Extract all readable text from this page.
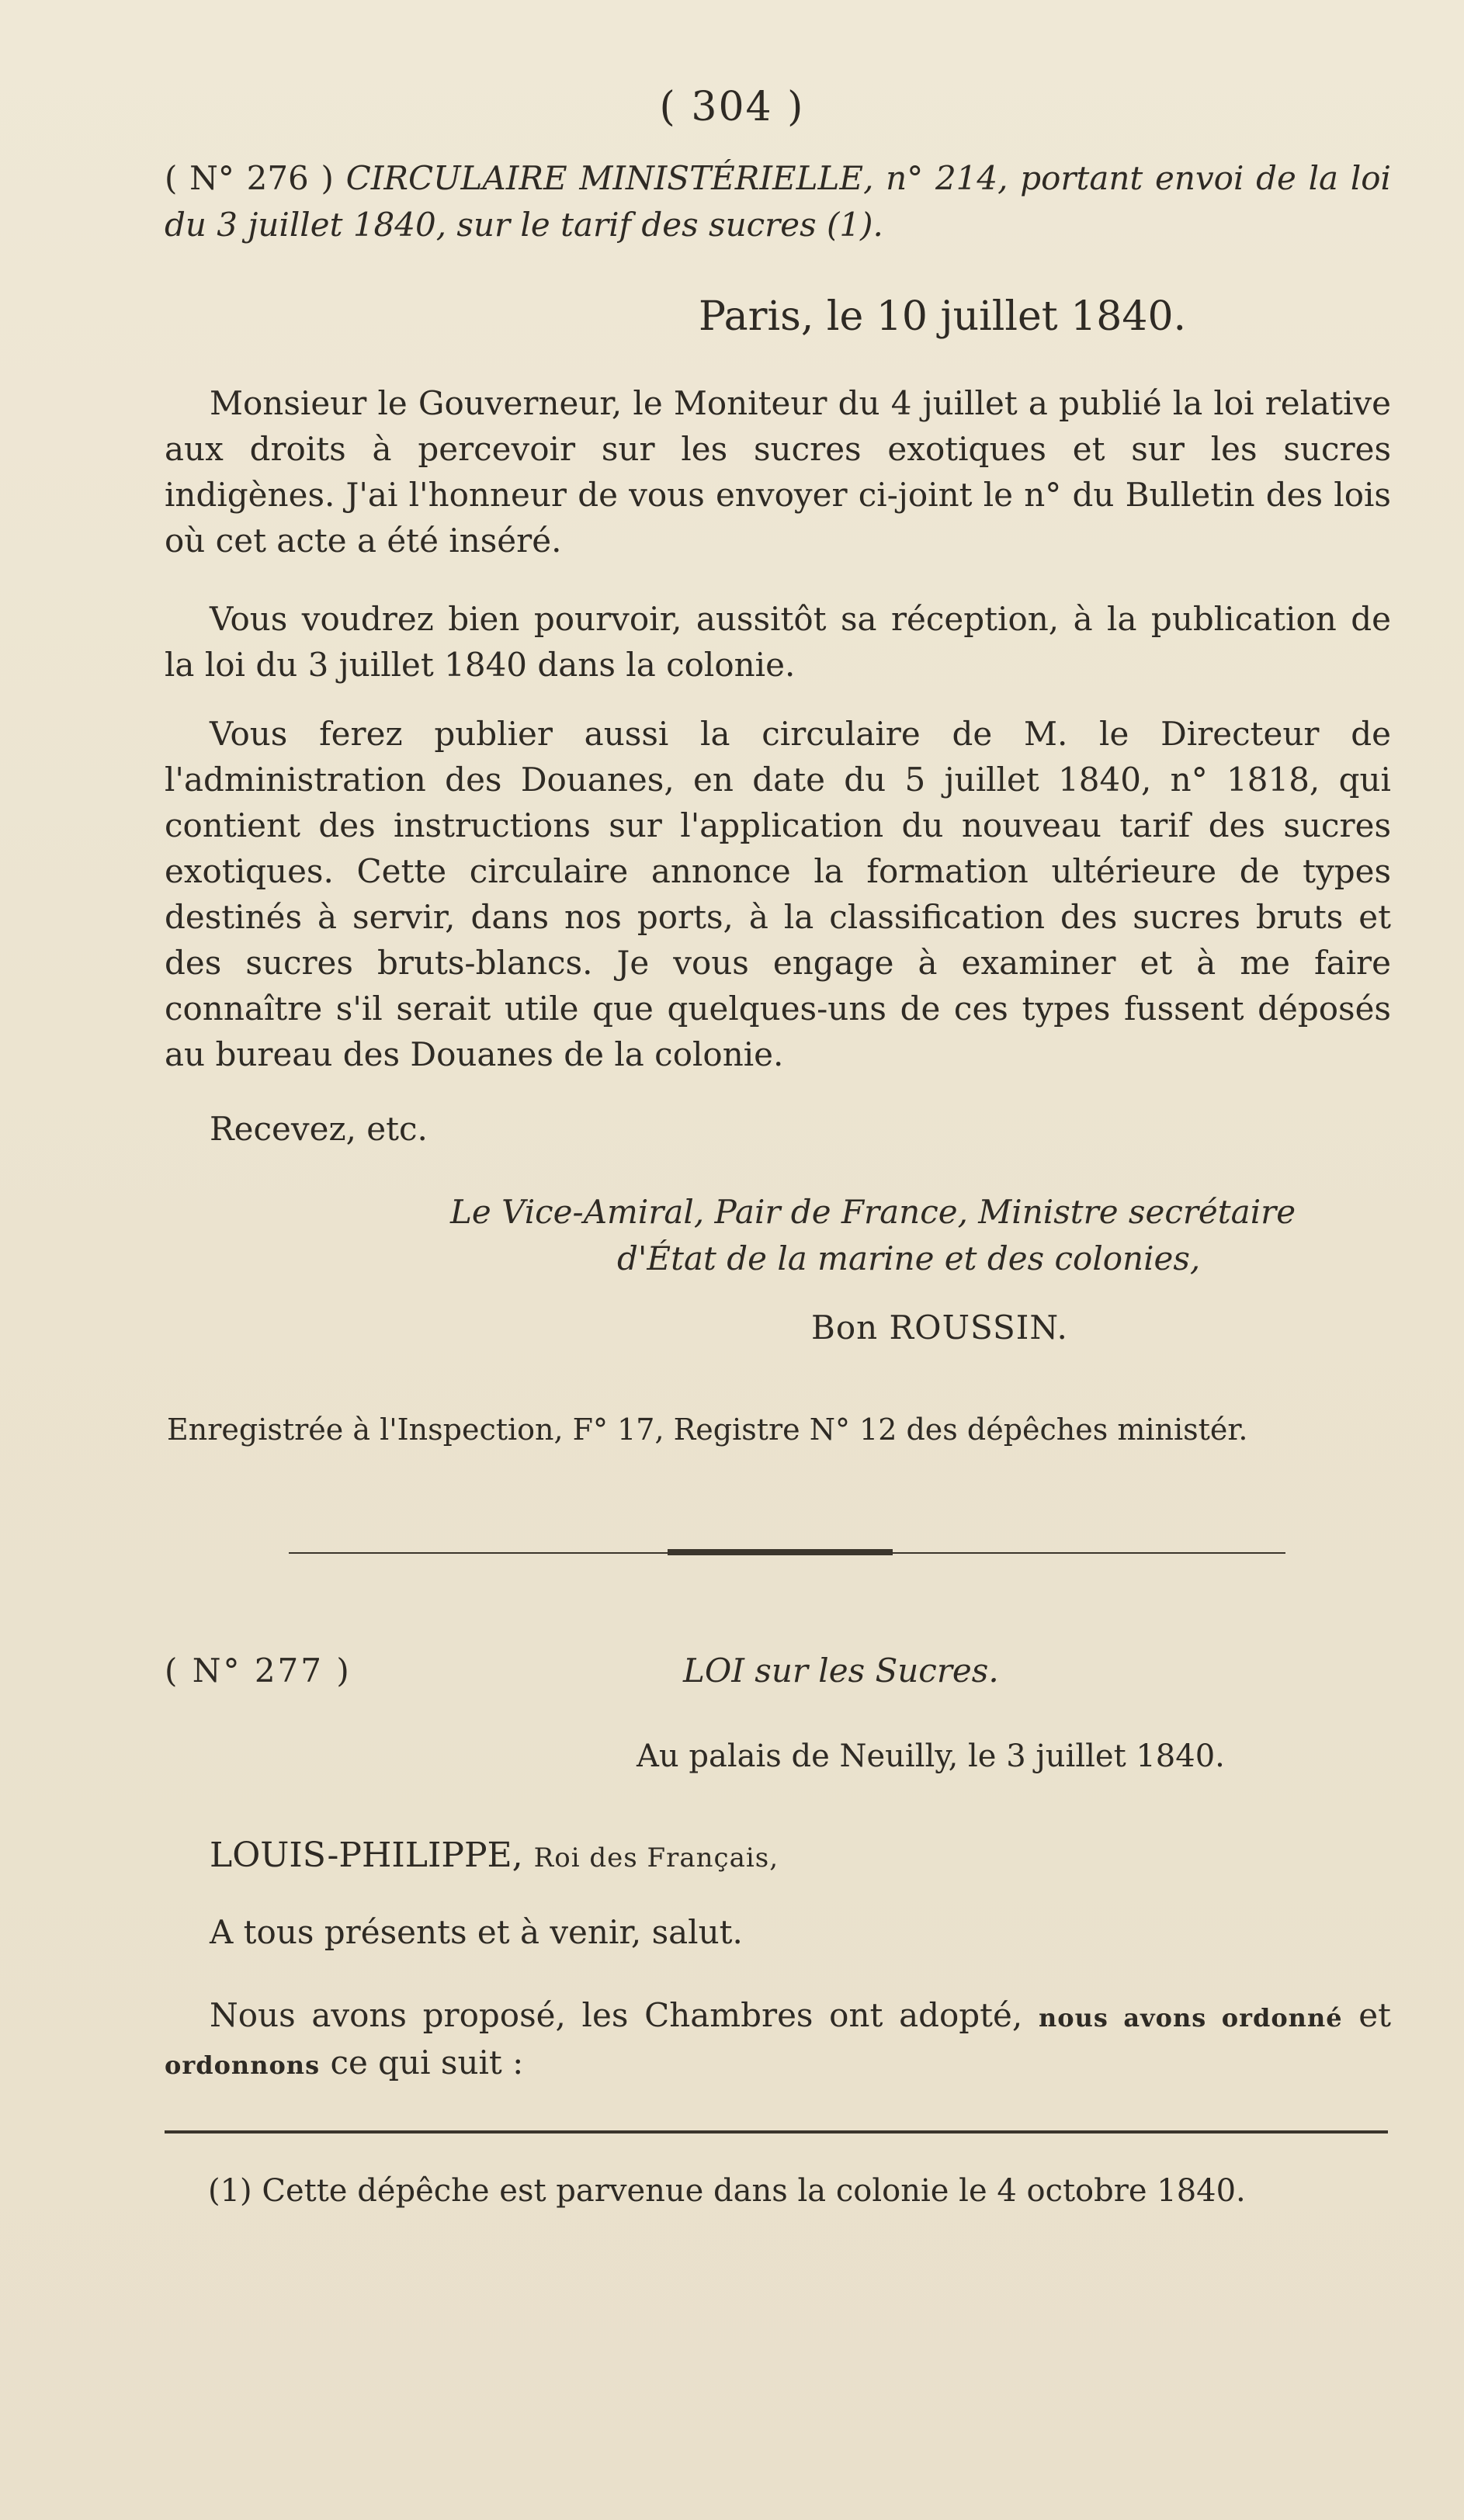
( 304 )
( N° 276 ) CIRCULAIRE MINISTÉRIELLE, n° 214, portant envoi de la loi du 3 juillet 1840, sur le tarif des sucres (1).
Paris, le 10 juillet 1840.
Monsieur le Gouverneur, le Moniteur du 4 juillet a publié la loi relative aux droits à percevoir sur les sucres exotiques et sur les sucres indigènes. J'ai l'honneur de vous envoyer ci-joint le n° du Bulletin des lois où cet acte a été inséré.
Vous voudrez bien pourvoir, aussitôt sa réception, à la publication de la loi du 3 juillet 1840 dans la colonie.
Vous ferez publier aussi la circulaire de M. le Directeur de l'administration des Douanes, en date du 5 juillet 1840, n° 1818, qui contient des instructions sur l'application du nouveau tarif des sucres exotiques. Cette circulaire annonce la formation ultérieure de types destinés à servir, dans nos ports, à la classification des sucres bruts et des sucres bruts-blancs. Je vous engage à examiner et à me faire connaître s'il serait utile que quelques-uns de ces types fussent déposés au bureau des Douanes de la colonie.
Recevez, etc.
Le Vice-Amiral, Pair de France, Ministre secrétaire
d'État de la marine et des colonies,
Bon ROUSSIN.
Enregistrée à l'Inspection, F° 17, Registre N° 12 des dépêches ministér.
( N° 277 )	LOI sur les Sucres.
Au palais de Neuilly, le 3 juillet 1840.
LOUIS-PHILIPPE, Roi des Français,
A tous présents et à venir, salut.
Nous avons proposé, les Chambres ont adopté, nous avons ordonné et ordonnons ce qui suit :
(1) Cette dépêche est parvenue dans la colonie le 4 octobre 1840.
